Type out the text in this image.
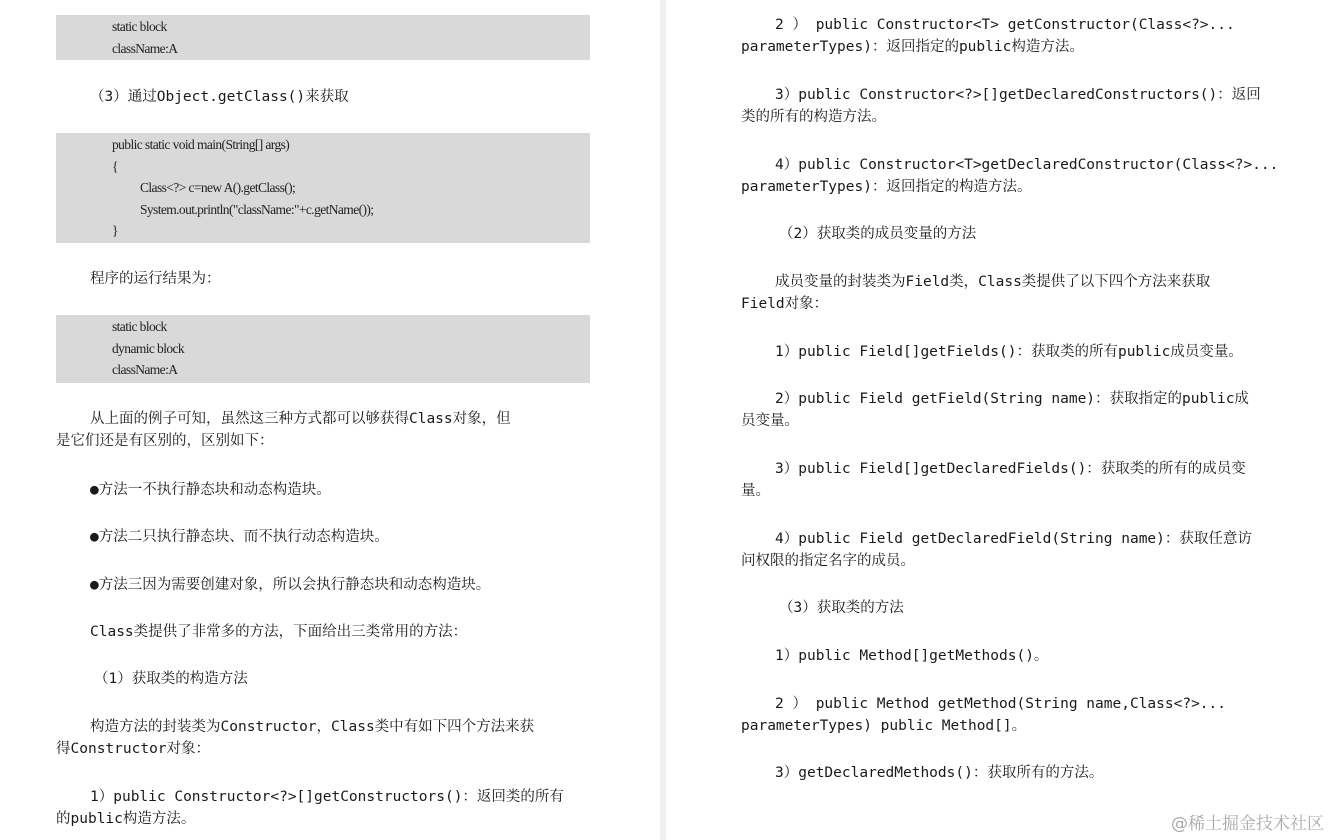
static block
className:A
（3）通过Object.getClass()来获取
public static void main(String[] args)
{
Class<?> c=new A().getClass();
System.out.println("className:"+c.getName());
}
程序的运行结果为：
static block
dynamic block
className:A
从上面的例子可知，虽然这三种方式都可以够获得Class对象，但
是它们还是有区别的，区别如下：
●方法一不执行静态块和动态构造块。
●方法二只执行静态块、而不执行动态构造块。
●方法三因为需要创建对象，所以会执行静态块和动态构造块。
Class类提供了非常多的方法，下面给出三类常用的方法：
（1）获取类的构造方法
构造方法的封装类为Constructor，Class类中有如下四个方法来获
得Constructor对象：
1）public Constructor<?>[]getConstructors()：返回类的所有
的public构造方法。
2 ） public Constructor<T> getConstructor(Class<?>...
parameterTypes)：返回指定的public构造方法。
3）public Constructor<?>[]getDeclaredConstructors()：返回
类的所有的构造方法。
4）public Constructor<T>getDeclaredConstructor(Class<?>...
parameterTypes)：返回指定的构造方法。
（2）获取类的成员变量的方法
成员变量的封装类为Field类，Class类提供了以下四个方法来获取
Field对象：
1）public Field[]getFields()：获取类的所有public成员变量。
2）public Field getField(String name)：获取指定的public成
员变量。
3）public Field[]getDeclaredFields()：获取类的所有的成员变
量。
4）public Field getDeclaredField(String name)：获取任意访
问权限的指定名字的成员。
（3）获取类的方法
1）public Method[]getMethods()。
2 ） public Method getMethod(String name,Class<?>...
parameterTypes) public Method[]。
3）getDeclaredMethods()：获取所有的方法。
@稀土掘金技术社区
